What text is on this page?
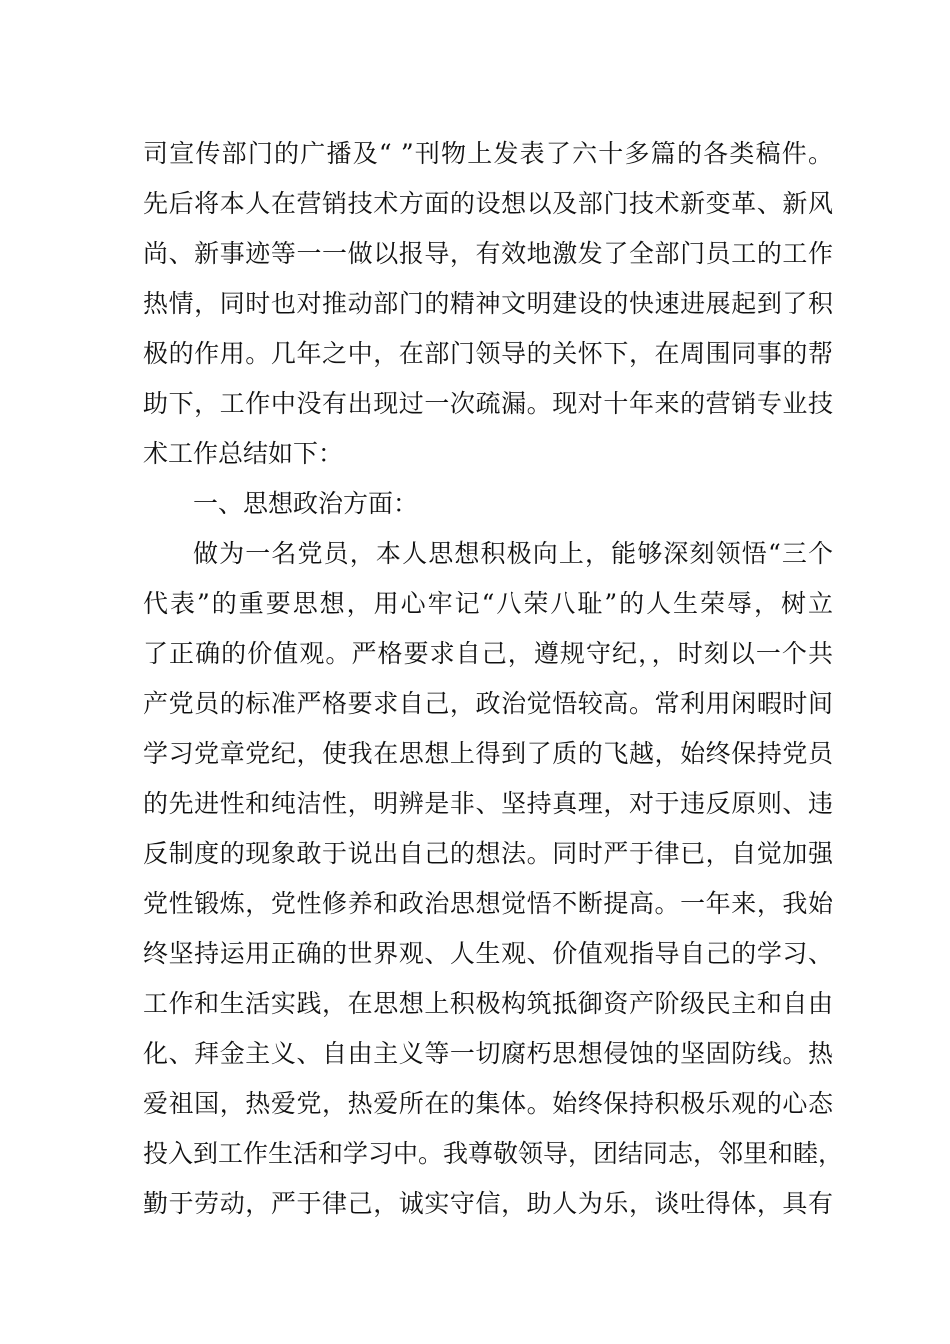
司宣传部门的广播及“ ”刊物上发表了六十多篇的各类稿件。
先后将本人在营销技术方面的设想以及部门技术新变革、新风
尚、新事迹等一一做以报导，有效地激发了全部门员工的工作
热情，同时也对推动部门的精神文明建设的快速进展起到了积
极的作用。几年之中，在部门领导的关怀下，在周围同事的帮
助下，工作中没有出现过一次疏漏。现对十年来的营销专业技
术工作总结如下：
一、思想政治方面：
做为一名党员，本人思想积极向上，能够深刻领悟“三个
代表”的重要思想，用心牢记“八荣八耻”的人生荣辱，树立
了正确的价值观。严格要求自己，遵规守纪，，时刻以一个共
产党员的标准严格要求自己，政治觉悟较高。常利用闲暇时间
学习党章党纪，使我在思想上得到了质的飞越，始终保持党员
的先进性和纯洁性，明辨是非、坚持真理，对于违反原则、违
反制度的现象敢于说出自己的想法。同时严于律已，自觉加强
党性锻炼，党性修养和政治思想觉悟不断提高。一年来，我始
终坚持运用正确的世界观、人生观、价值观指导自己的学习、
工作和生活实践，在思想上积极构筑抵御资产阶级民主和自由
化、拜金主义、自由主义等一切腐朽思想侵蚀的坚固防线。热
爱祖国，热爱党，热爱所在的集体。始终保持积极乐观的心态
投入到工作生活和学习中。我尊敬领导，团结同志，邻里和睦，
勤于劳动，严于律己，诚实守信，助人为乐，谈吐得体，具有
